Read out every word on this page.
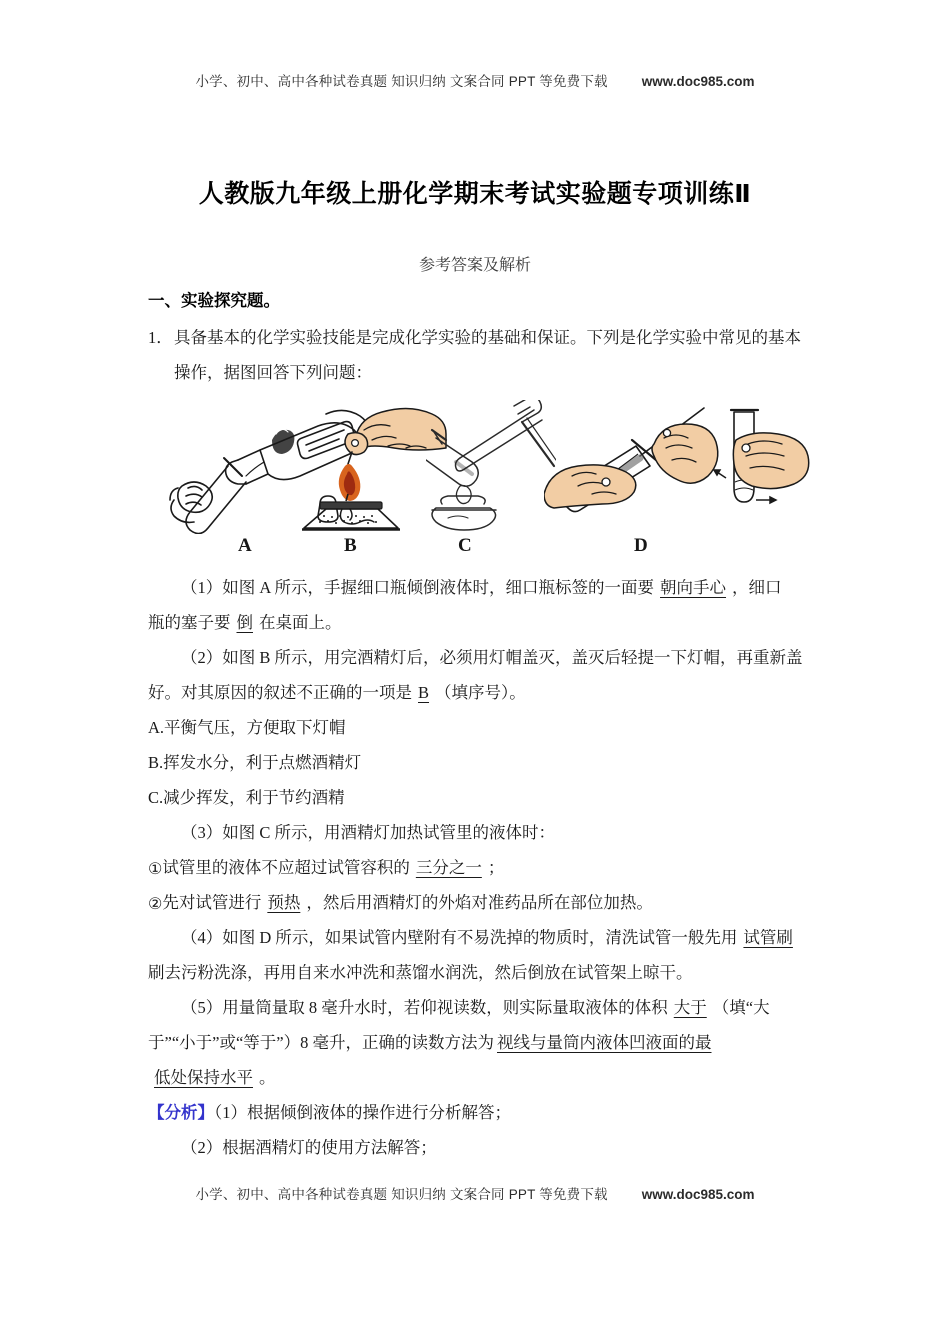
小学、初中、高中各种试卷真题 知识归纳 文案合同 PPT 等免费下载	www.doc985.com
人教版九年级上册化学期末考试实验题专项训练Ⅱ
参考答案及解析
一、实验探究题。
1． 具备基本的化学实验技能是完成化学实验的基础和保证。下列是化学实验中常见的基本
操作，据图回答下列问题：
A	B	C	D
（1）如图 A 所示，手握细口瓶倾倒液体时，细口瓶标签的一面要 朝向手心 ，细口
瓶的塞子要 倒 在桌面上。
（2）如图 B 所示，用完酒精灯后，必须用灯帽盖灭，盖灭后轻提一下灯帽，再重新盖
好。对其原因的叙述不正确的一项是 B （填序号）。
A.平衡气压，方便取下灯帽
B.挥发水分，利于点燃酒精灯
C.减少挥发，利于节约酒精
（3）如图 C 所示，用酒精灯加热试管里的液体时：
①试管里的液体不应超过试管容积的 三分之一 ；
②先对试管进行 预热 ，然后用酒精灯的外焰对准药品所在部位加热。
（4）如图 D 所示，如果试管内壁附有不易洗掉的物质时，清洗试管一般先用 试管刷
刷去污粉洗涤，再用自来水冲洗和蒸馏水润洗，然后倒放在试管架上晾干。
（5）用量筒量取 8 毫升水时，若仰视读数，则实际量取液体的体积 大于 （填“大
于”“小于”或“等于”）8 毫升，正确的读数方法为 视线与量筒内液体凹液面的最
低处保持水平 。
【分析】（1）根据倾倒液体的操作进行分析解答；
（2）根据酒精灯的使用方法解答；
小学、初中、高中各种试卷真题 知识归纳 文案合同 PPT 等免费下载	www.doc985.com
